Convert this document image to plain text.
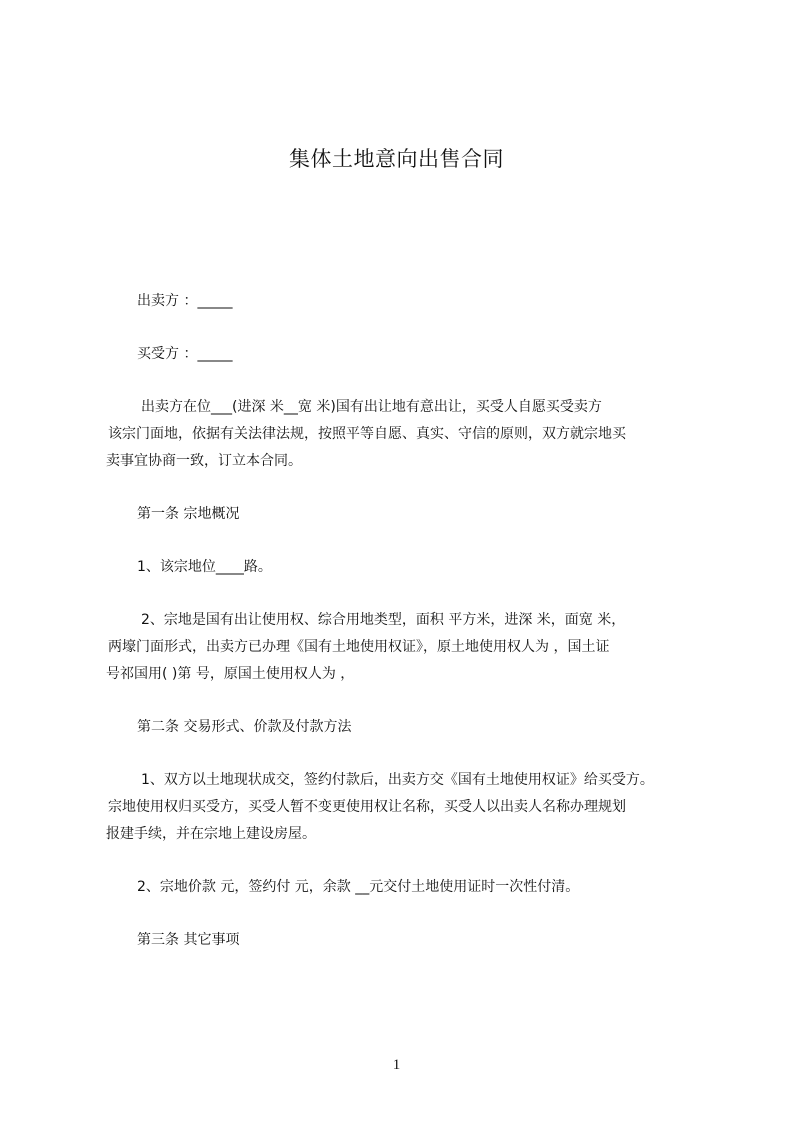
集体土地意向出售合同

出卖方 ：_____

买受方 ：_____

出卖方在位___(进深 米__宽 米)国有出让地有意出让，买受人自愿买受卖方

该宗门面地，依据有关法律法规，按照平等自愿、真实、守信的原则，双方就宗地买

卖事宜协商一致，订立本合同。

第一条 宗地概况

1、该宗地位____路。

2、宗地是国有出让使用权、综合用地类型，面积 平方米，进深 米，面宽 米，

两壕门面形式，出卖方已办理《国有土地使用权证》，原土地使用权人为 ，国土证

号祁国用( )第 号，原国土使用权人为 ，

第二条 交易形式、价款及付款方法

1、双方以土地现状成交，签约付款后，出卖方交《国有土地使用权证》给买受方。

宗地使用权归买受方，买受人暂不变更使用权让名称，买受人以出卖人名称办理规划

报建手续，并在宗地上建设房屋。

2、宗地价款 元，签约付 元，余款 __元交付土地使用证时一次性付清。

第三条 其它事项

1
